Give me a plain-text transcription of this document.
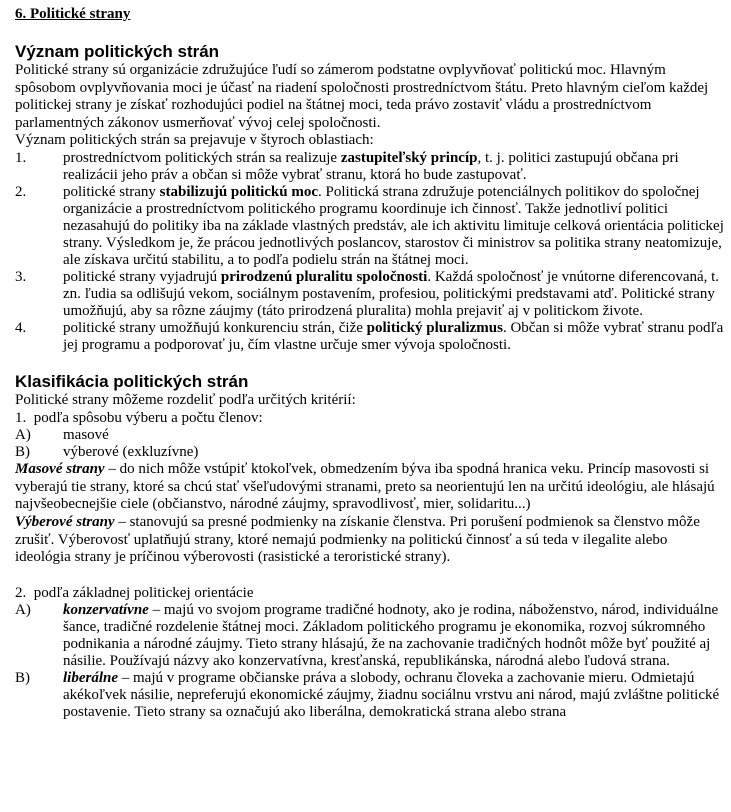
6. Politické strany
Význam politických strán

Politické strany sú organizácie združujúce ľudí so zámerom podstatne ovplyvňovať politickú moc. Hlavným spôsobom ovplyvňovania moci je účasť na riadení spoločnosti prostredníctvom štátu. Preto hlavným cieľom každej politickej strany je získať rozhodujúci podiel na štátnej moci, teda právo zostaviť vládu a prostredníctvom parlamentných zákonov usmerňovať vývoj celej spoločnosti.

Význam politických strán sa prejavuje v štyroch oblastiach:

1.	prostredníctvom politických strán sa realizuje zastupiteľský princíp, t. j. politici zastupujú občana pri realizácii jeho práv a občan si môže vybrať stranu, ktorá ho bude zastupovať.
2.	politické strany stabilizujú politickú moc. Politická strana združuje potenciálnych politikov do spoločnej organizácie a prostredníctvom politického programu koordinuje ich činnosť. Takže jednotliví politici nezasahujú do politiky iba na základe vlastných predstáv, ale ich aktivitu limituje celková orientácia politickej strany. Výsledkom je, že prácou jednotlivých poslancov, starostov či ministrov sa politika strany neatomizuje, ale získava určitú stabilitu, a to podľa podielu strán na štátnej moci.
3.	politické strany vyjadrujú prirodzenú pluralitu spoločnosti. Každá spoločnosť je vnútorne diferencovaná, t. zn. ľudia sa odlišujú vekom, sociálnym postavením, profesiou, politickými predstavami atď. Politické strany umožňujú, aby sa rôzne záujmy (táto prirodzená pluralita) mohla prejaviť aj v politickom živote.
4.	politické strany umožňujú konkurenciu strán, čiže politický pluralizmus. Občan si môže vybrať stranu podľa jej programu a podporovať ju, čím vlastne určuje smer vývoja spoločnosti.
Klasifikácia politických strán

Politické strany môžeme rozdeliť podľa určitých kritérií:

1. podľa spôsobu výberu a počtu členov:
A)	masové
B)	výberové (exkluzívne)

Masové strany – do nich môže vstúpiť ktokoľvek, obmedzením býva iba spodná hranica veku. Princíp masovosti si vyberajú tie strany, ktoré sa chcú stať všeľudovými stranami, preto sa neorientujú len na určitú ideológiu, ale hlásajú najvšeobecnejšie ciele (občianstvo, národné záujmy, spravodlivosť, mier, solidaritu...)

Výberové strany – stanovujú sa presné podmienky na získanie členstva. Pri porušení podmienok sa členstvo môže zrušiť. Výberovosť uplatňujú strany, ktoré nemajú podmienky na politickú činnosť a sú teda v ilegalite alebo ideológia strany je príčinou výberovosti (rasistické a teroristické strany).

2. podľa základnej politickej orientácie
A)	konzervatívne – majú vo svojom programe tradičné hodnoty, ako je rodina, náboženstvo, národ, individuálne šance, tradičné rozdelenie štátnej moci. Základom politického programu je ekonomika, rozvoj súkromného podnikania a národné záujmy. Tieto strany hlásajú, že na zachovanie tradičných hodnôt môže byť použité aj násilie. Používajú názvy ako konzervatívna, kresťanská, republikánska, národná alebo ľudová strana.
B)	liberálne – majú v programe občianske práva a slobody, ochranu človeka a zachovanie mieru. Odmietajú akékoľvek násilie, nepreferujú ekonomické záujmy, žiadnu sociálnu vrstvu ani národ, majú zvláštne politické postavenie. Tieto strany sa označujú ako liberálna, demokratická strana alebo strana
